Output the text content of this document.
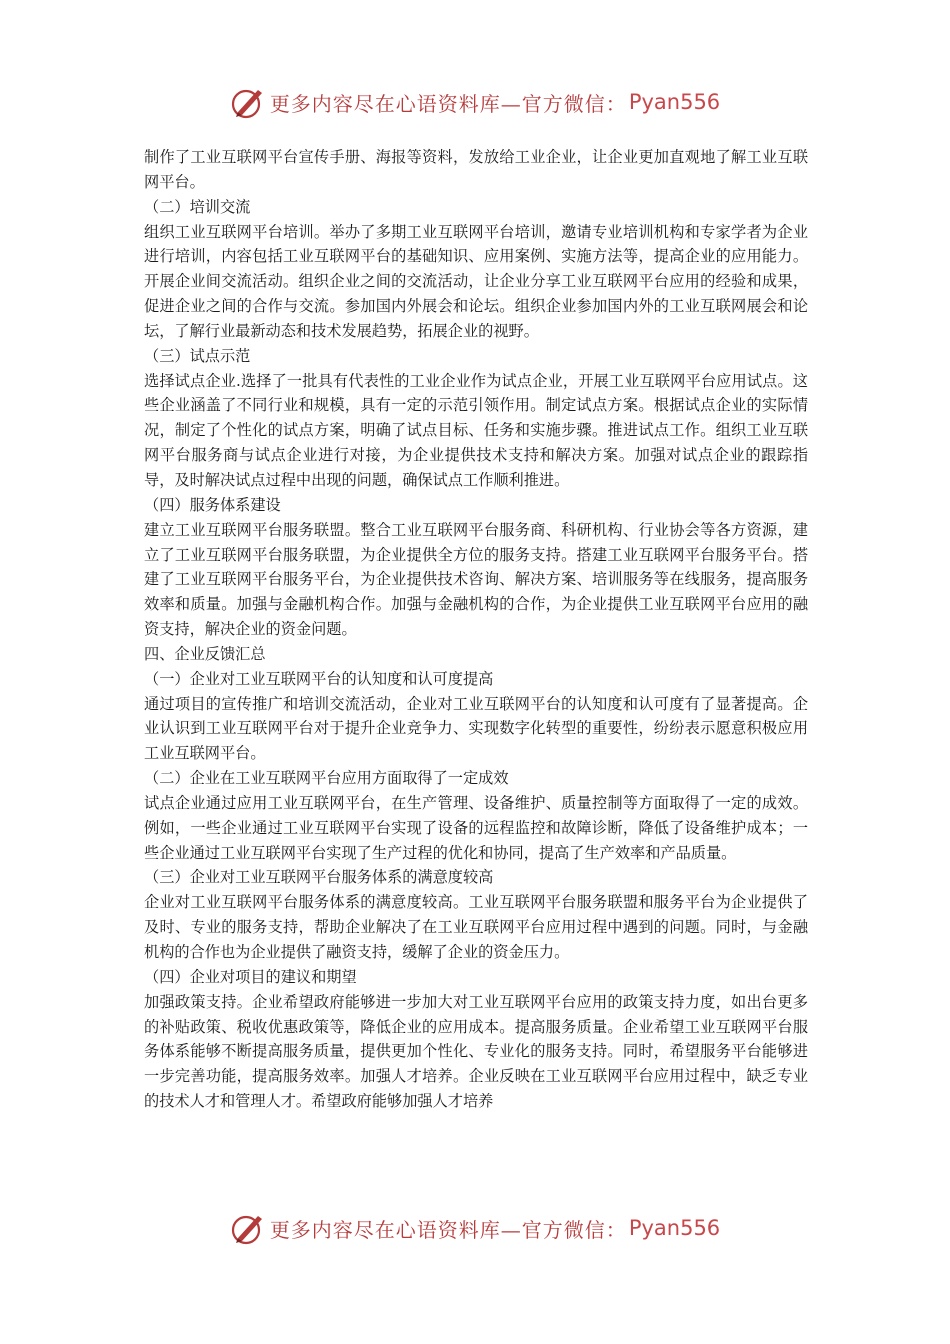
更多内容尽在心语资料库—官方微信： Pyan556

制作了工业互联网平台宣传手册、海报等资料，发放给工业企业，让企业更加直观地了解工业互联网平台。

（二）培训交流

组织工业互联网平台培训。举办了多期工业互联网平台培训，邀请专业培训机构和专家学者为企业进行培训，内容包括工业互联网平台的基础知识、应用案例、实施方法等，提高企业的应用能力。开展企业间交流活动。组织企业之间的交流活动，让企业分享工业互联网平台应用的经验和成果，促进企业之间的合作与交流。参加国内外展会和论坛。组织企业参加国内外的工业互联网展会和论坛，了解行业最新动态和技术发展趋势，拓展企业的视野。

（三）试点示范

选择试点企业.选择了一批具有代表性的工业企业作为试点企业，开展工业互联网平台应用试点。这些企业涵盖了不同行业和规模，具有一定的示范引领作用。制定试点方案。根据试点企业的实际情况，制定了个性化的试点方案，明确了试点目标、任务和实施步骤。推进试点工作。组织工业互联网平台服务商与试点企业进行对接，为企业提供技术支持和解决方案。加强对试点企业的跟踪指导，及时解决试点过程中出现的问题，确保试点工作顺利推进。

（四）服务体系建设

建立工业互联网平台服务联盟。整合工业互联网平台服务商、科研机构、行业协会等各方资源，建立了工业互联网平台服务联盟，为企业提供全方位的服务支持。搭建工业互联网平台服务平台。搭建了工业互联网平台服务平台，为企业提供技术咨询、解决方案、培训服务等在线服务，提高服务效率和质量。加强与金融机构合作。加强与金融机构的合作，为企业提供工业互联网平台应用的融资支持，解决企业的资金问题。

四、企业反馈汇总

（一）企业对工业互联网平台的认知度和认可度提高

通过项目的宣传推广和培训交流活动，企业对工业互联网平台的认知度和认可度有了显著提高。企业认识到工业互联网平台对于提升企业竞争力、实现数字化转型的重要性，纷纷表示愿意积极应用工业互联网平台。

（二）企业在工业互联网平台应用方面取得了一定成效

试点企业通过应用工业互联网平台，在生产管理、设备维护、质量控制等方面取得了一定的成效。例如，一些企业通过工业互联网平台实现了设备的远程监控和故障诊断，降低了设备维护成本；一些企业通过工业互联网平台实现了生产过程的优化和协同，提高了生产效率和产品质量。

（三）企业对工业互联网平台服务体系的满意度较高

企业对工业互联网平台服务体系的满意度较高。工业互联网平台服务联盟和服务平台为企业提供了及时、专业的服务支持，帮助企业解决了在工业互联网平台应用过程中遇到的问题。同时，与金融机构的合作也为企业提供了融资支持，缓解了企业的资金压力。

（四）企业对项目的建议和期望

加强政策支持。企业希望政府能够进一步加大对工业互联网平台应用的政策支持力度，如出台更多的补贴政策、税收优惠政策等，降低企业的应用成本。提高服务质量。企业希望工业互联网平台服务体系能够不断提高服务质量，提供更加个性化、专业化的服务支持。同时，希望服务平台能够进一步完善功能，提高服务效率。加强人才培养。企业反映在工业互联网平台应用过程中，缺乏专业的技术人才和管理人才。希望政府能够加强人才培养

更多内容尽在心语资料库—官方微信： Pyan556
